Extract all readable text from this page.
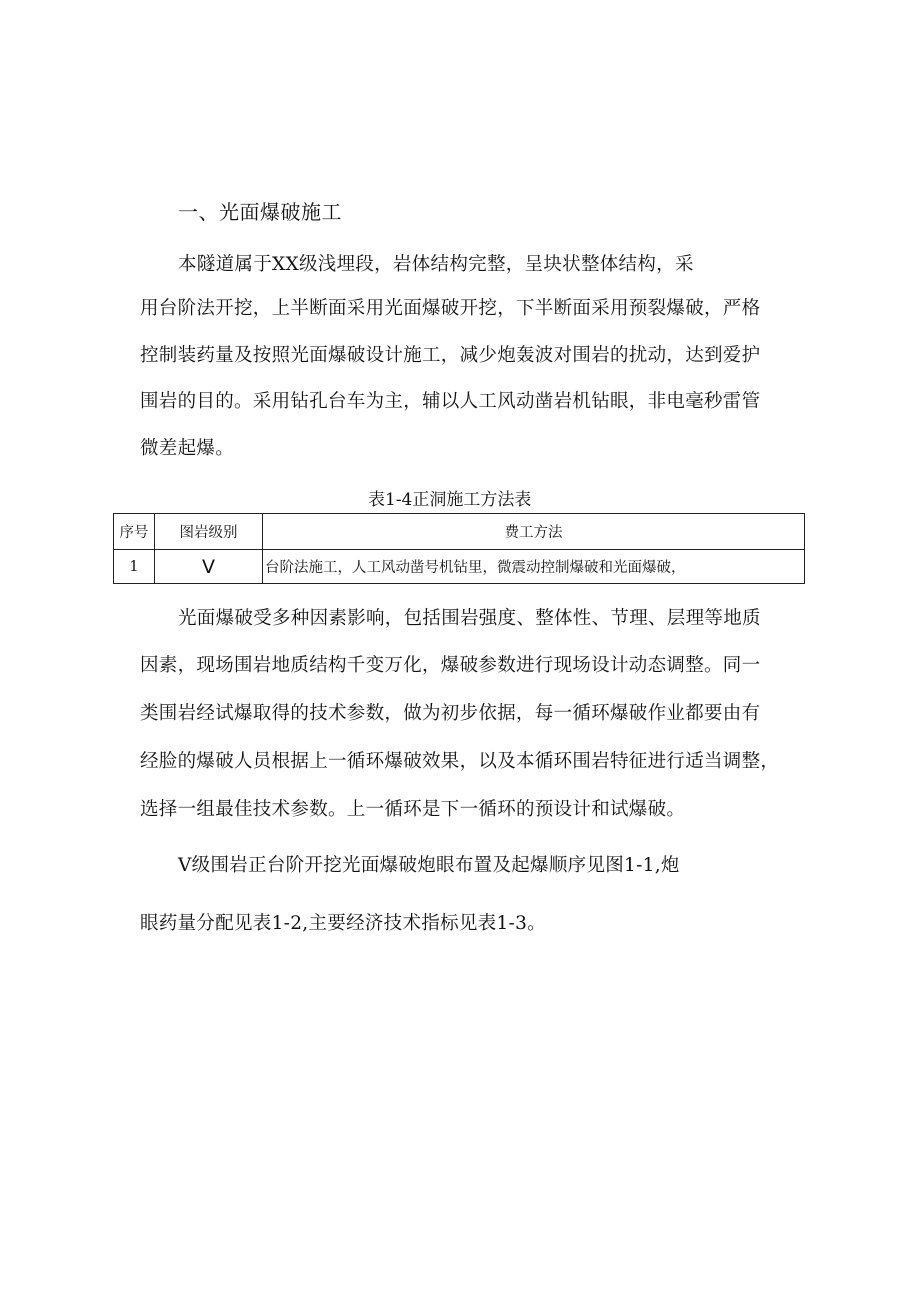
一、光面爆破施工
本隧道属于XX级浅埋段，岩体结构完整，呈块状整体结构，采
用台阶法开挖，上半断面采用光面爆破开挖，下半断面采用预裂爆破，严格
控制装药量及按照光面爆破设计施工，减少炮轰波对围岩的扰动，达到爱护
围岩的目的。采用钻孔台车为主，辅以人工风动凿岩机钻眼，非电毫秒雷管
微差起爆。
表1-4正洞施工方法表
序号	图岩级别	费工方法
1	V	台阶法施工，人工风动凿号机钻里，微震动控制爆破和光面爆破，
光面爆破受多种因素影响，包括围岩强度、整体性、节理、层理等地质
因素，现场围岩地质结构千变万化，爆破参数进行现场设计动态调整。同一
类围岩经试爆取得的技术参数，做为初步依据，每一循环爆破作业都要由有
经脸的爆破人员根据上一循环爆破效果，以及本循环围岩特征进行适当调整，
选择一组最佳技术参数。上一循环是下一循环的预设计和试爆破。
V级围岩正台阶开挖光面爆破炮眼布置及起爆顺序见图1-1,炮
眼药量分配见表1-2,主要经济技术指标见表1-3。
